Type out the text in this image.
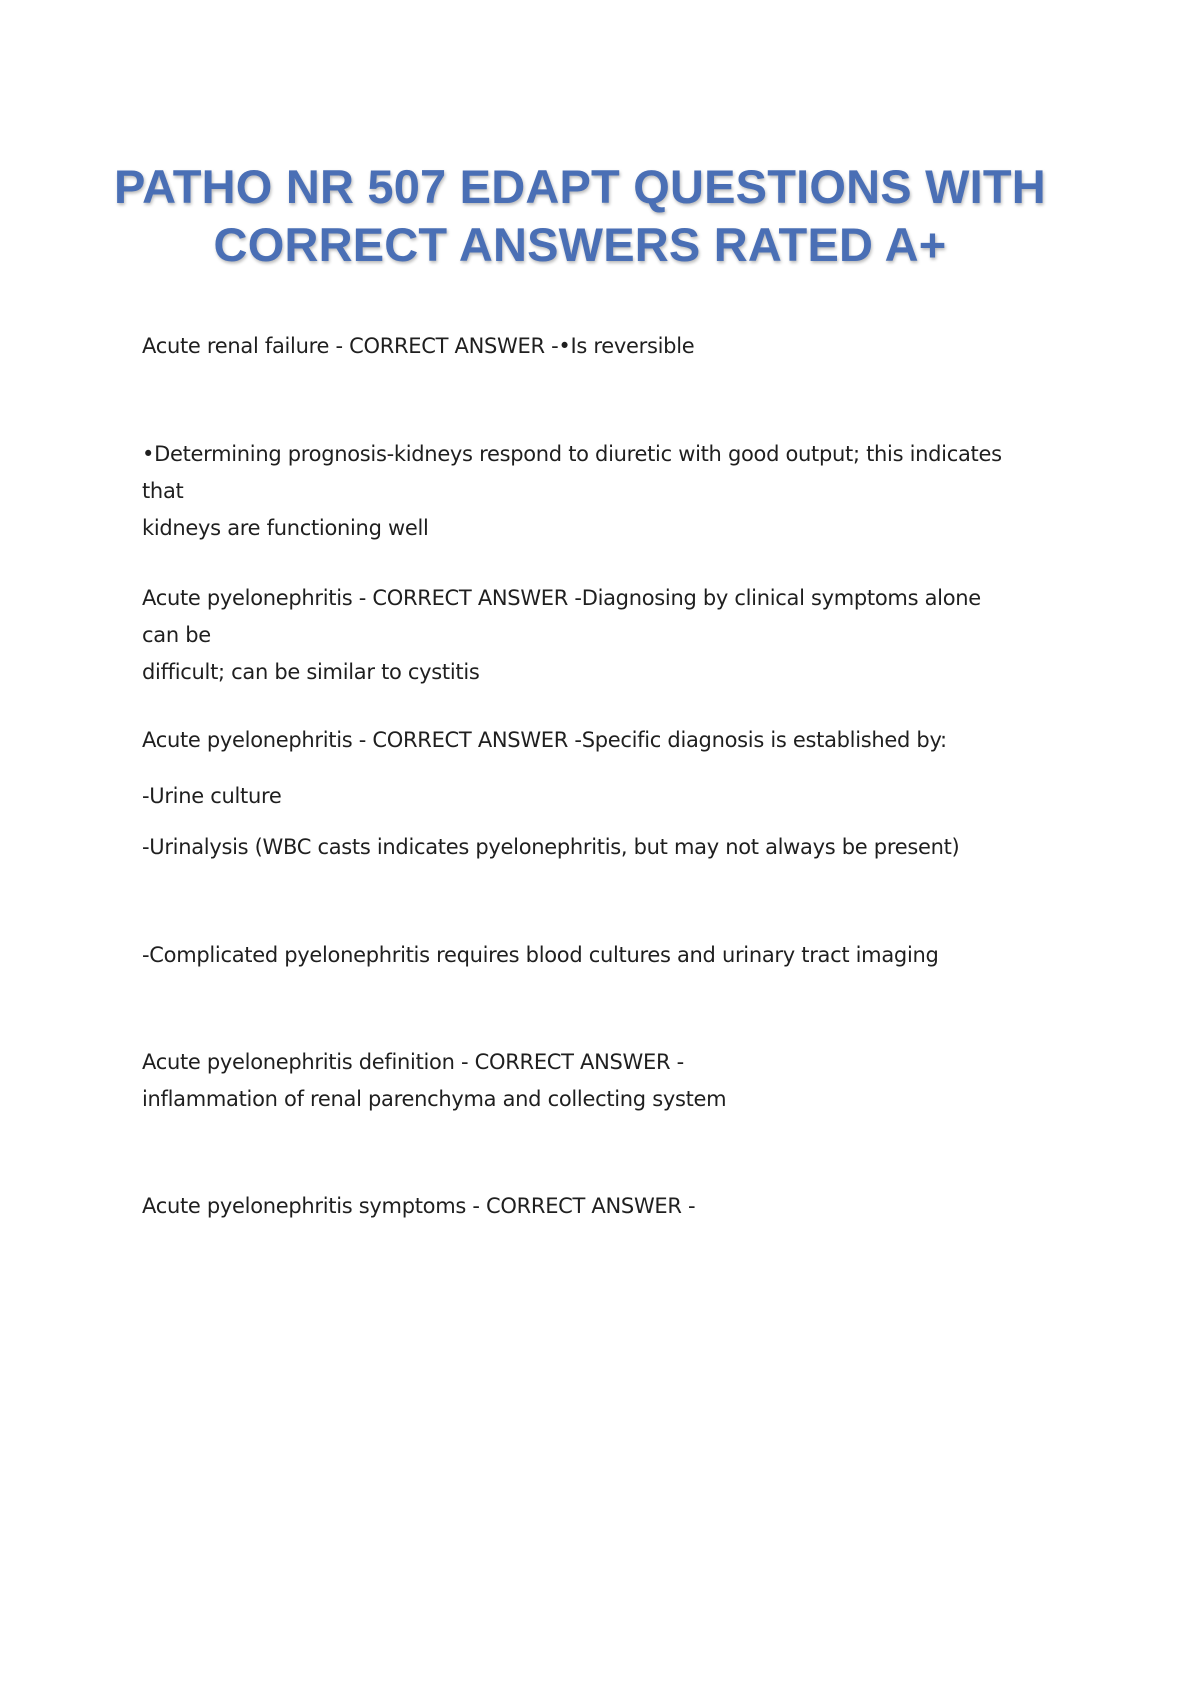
PATHO NR 507 EDAPT QUESTIONS WITH
CORRECT ANSWERS RATED A+

Acute renal failure - CORRECT ANSWER -•Is reversible

•Determining prognosis-kidneys respond to diuretic with good output; this indicates that
kidneys are functioning well

Acute pyelonephritis - CORRECT ANSWER -Diagnosing by clinical symptoms alone can be
difficult; can be similar to cystitis

Acute pyelonephritis - CORRECT ANSWER -Specific diagnosis is established by:

-Urine culture

-Urinalysis (WBC casts indicates pyelonephritis, but may not always be present)

-Complicated pyelonephritis requires blood cultures and urinary tract imaging

Acute pyelonephritis definition - CORRECT ANSWER -
inflammation of renal parenchyma and collecting system

Acute pyelonephritis symptoms - CORRECT ANSWER -
